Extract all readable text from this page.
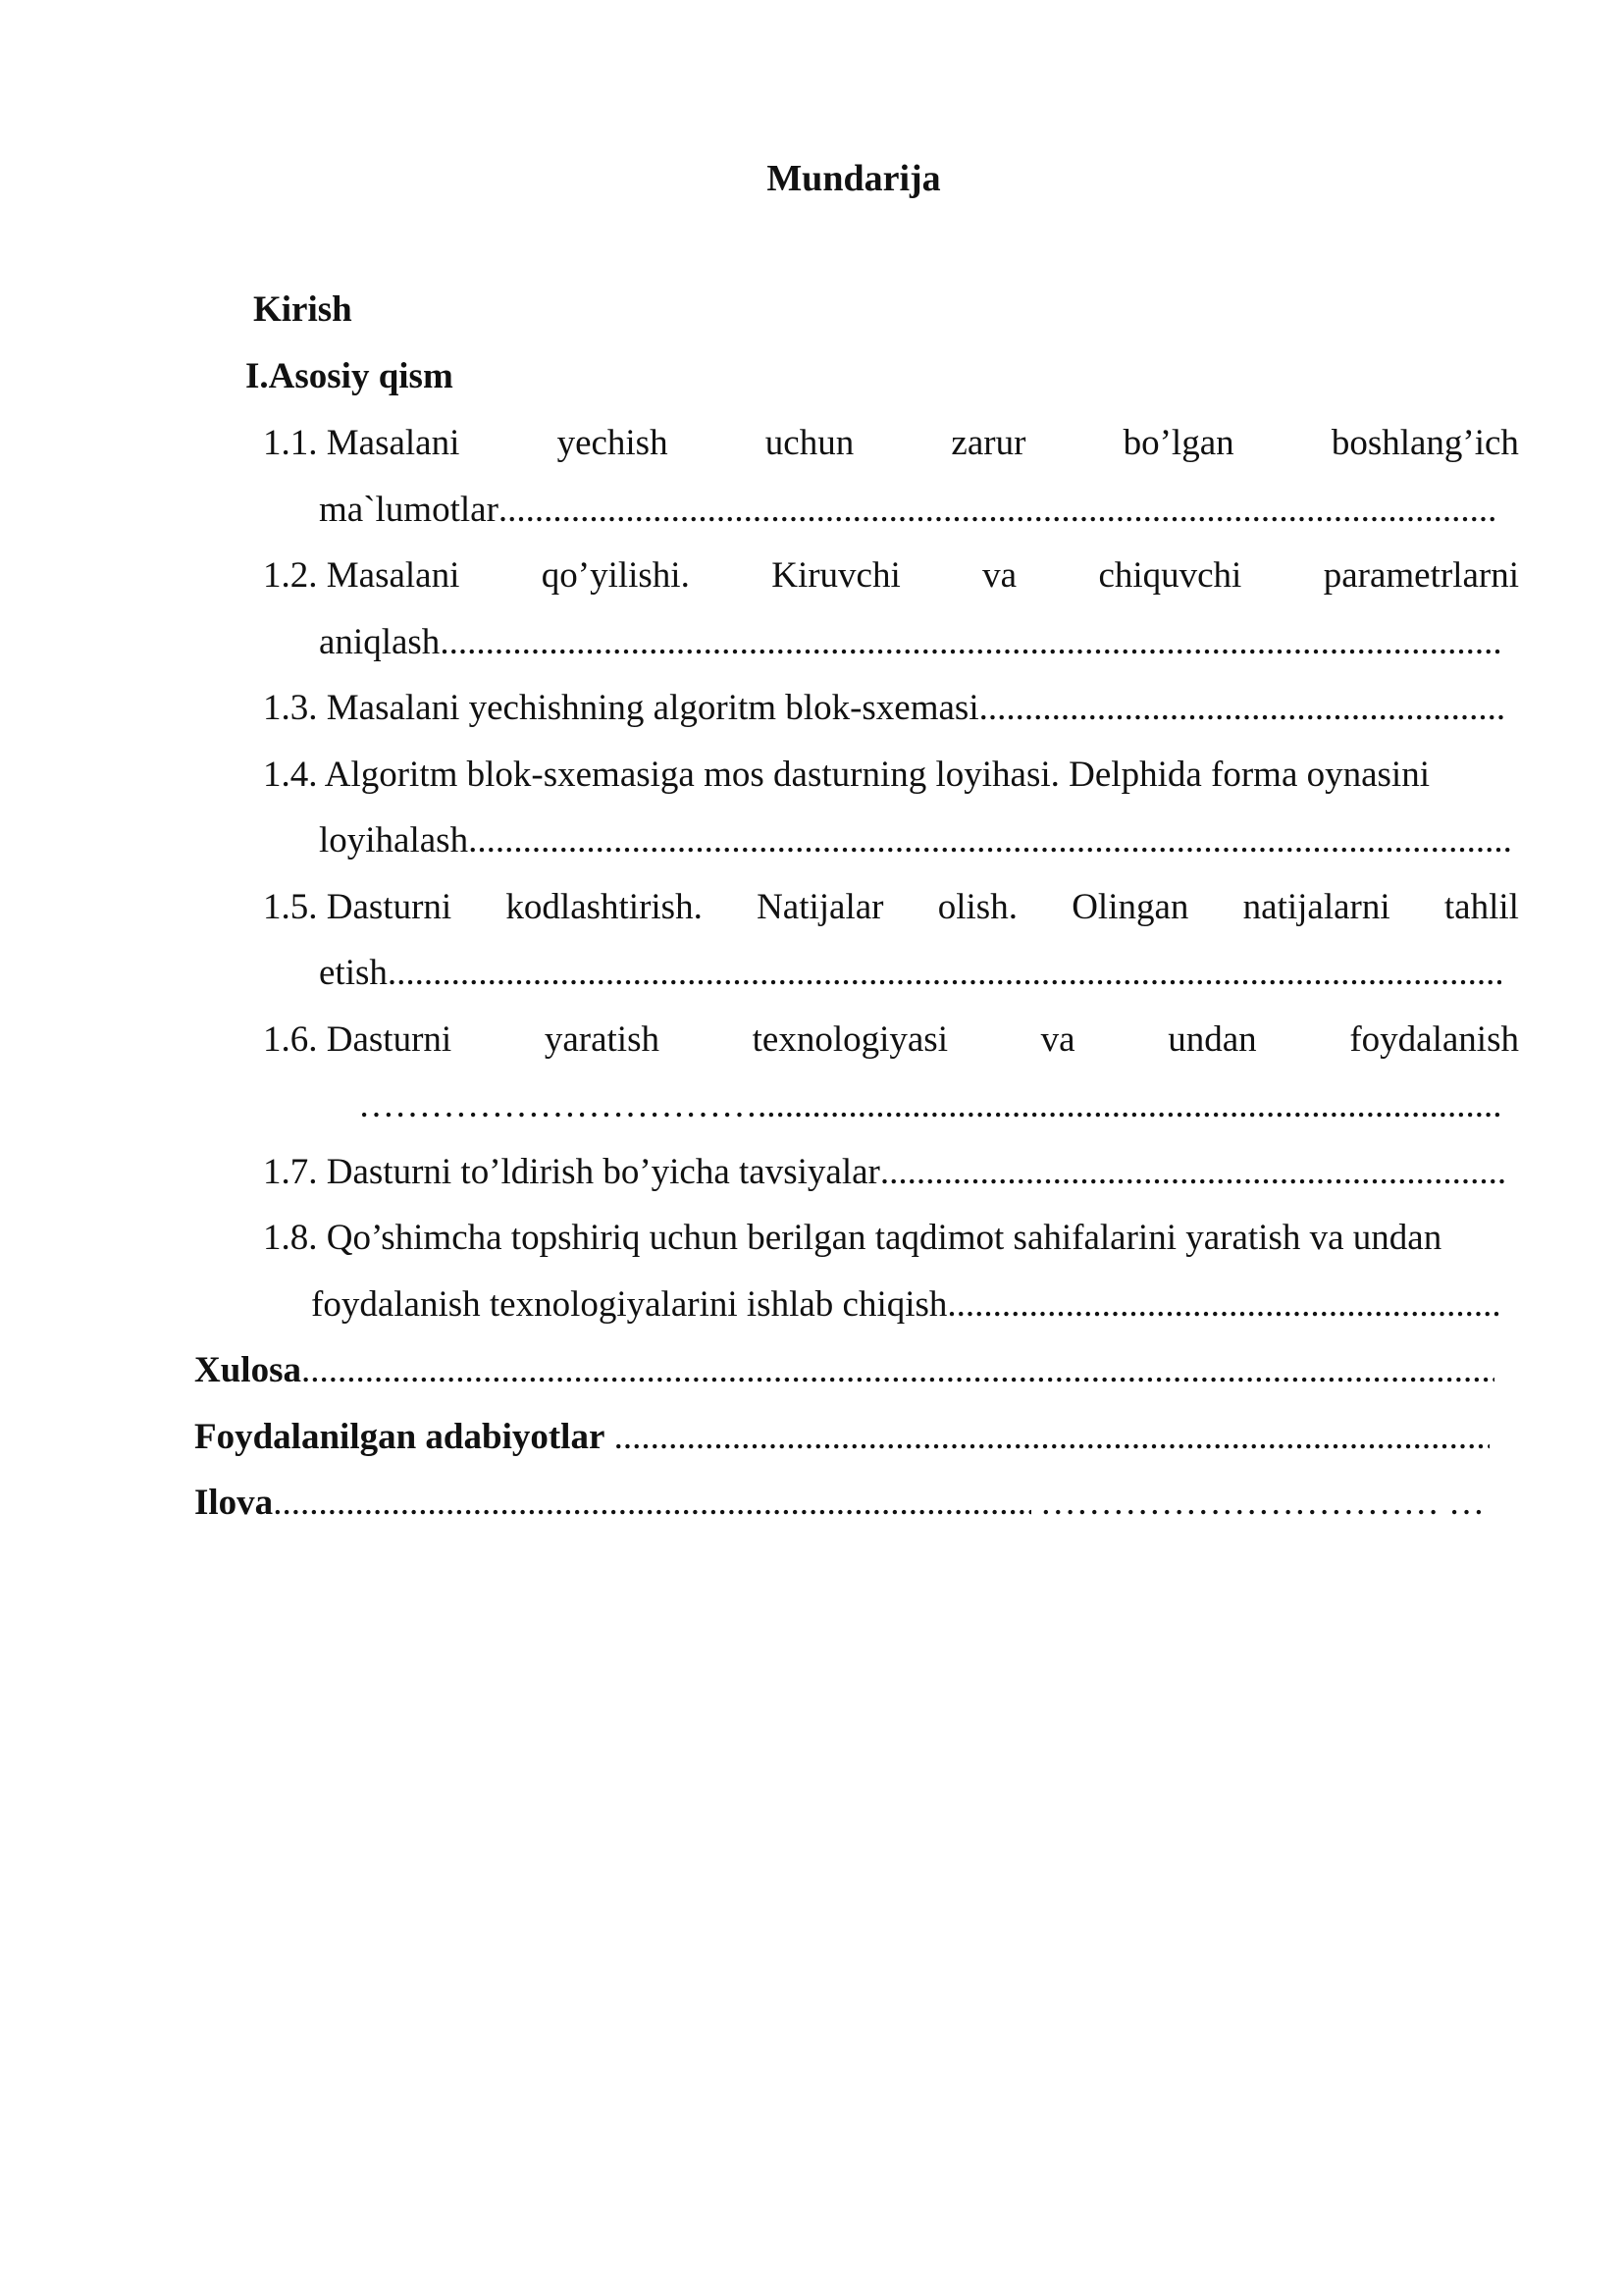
Mundarija
Kirish
I.Asosiy qism
1.1. Masalani	yechish	uchun	zarur	bo’lgan	boshlang’ich
ma`lumotlar
.....
1.2. Masalani qo’yilishi. Kiruvchi va chiquvchi parametrlarni
aniqlash
.....
1.3.
Masalani yechishning algoritm blok-sxemasi
.....
1.4. Algoritm blok-sxemasiga mos dasturning loyihasi. Delphida forma oynasini
loyihalash
.....
1.5. Dasturni kodlashtirish. Natijalar olish. Olingan natijalarni tahlil
etish
.....
1.6. Dasturni	yaratish	texnologiyasi	va	undan	foydalanish
…………………………….
.....
1.7.
Dasturni to’ldirish bo’yicha tavsiyalar
.....
1.8. Qo’shimcha topshiriq uchun berilgan taqdimot sahifalarini yaratish va undan
foydalanish texnologiyalarini ishlab chiqish
.....
Xulosa
.....
Foydalanilgan adabiyotlar

.....
Ilova
.....
	…………………………… …
